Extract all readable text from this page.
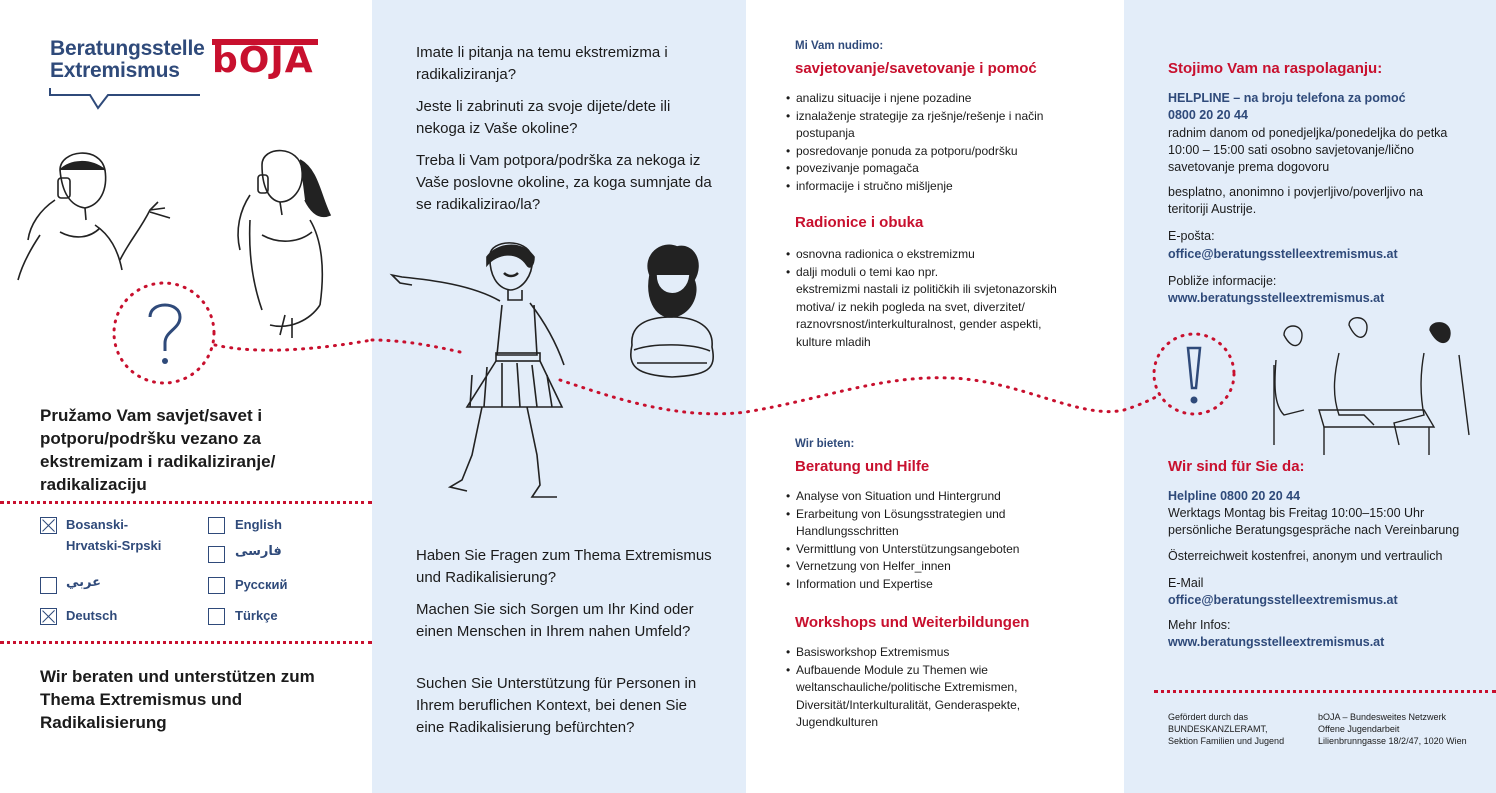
Beratungsstelle
Extremismus bOJA
Pružamo Vam savjet/savet i potporu/podršku vezano za ekstremizam i radikaliziranje/ radikalizaciju
Bosanski-
Hrvatski-Srpski
English
فارسی
عربي	Русский
Deutsch	Türkçe
Wir beraten und unterstützen zum Thema Extremismus und Radikalisierung
Imate li pitanja na temu ekstremizma i radikaliziranja?
Jeste li zabrinuti za svoje dijete/dete ili nekoga iz Vaše okoline?
Treba li Vam potpora/podrška za nekoga iz Vaše poslovne okoline, za koga sumnjate da se radikalizirao/la?
Haben Sie Fragen zum Thema Extremismus und Radikalisierung?
Machen Sie sich Sorgen um Ihr Kind oder einen Menschen in Ihrem nahen Umfeld?
Suchen Sie Unterstützung für Personen in Ihrem beruflichen Kontext, bei denen Sie eine Radikalisierung befürchten?
Mi Vam nudimo:
savjetovanje/savetovanje i pomoć
• analizu situacije i njene pozadine
• iznalaženje strategije za rješnje/rešenje i način
postupanja
• posredovanje ponuda za potporu/podršku
• povezivanje pomagača
• informacije i stručno mišljenje
Radionice i obuka
• osnovna radionica o ekstremizmu
• dalji moduli o temi kao npr.
ekstremizmi nastali iz političkih ili svjetonazorskih
motiva/ iz nekih pogleda na svet, diverzitet/
raznovrsnost/interkulturalnost, gender aspekti,
kulture mladih
Wir bieten:
Beratung und Hilfe
• Analyse von Situation und Hintergrund
• Erarbeitung von Lösungsstrategien und
Handlungsschritten
• Vermittlung von Unterstützungsangeboten
• Vernetzung von Helfer_innen
• Information und Expertise
Workshops und Weiterbildungen
• Basisworkshop Extremismus
• Aufbauende Module zu Themen wie
weltanschauliche/politische Extremismen,
Diversität/Interkulturalität, Genderaspekte,
Jugendkulturen
Stojimo Vam na raspolaganju:
HELPLINE – na broju telefona za pomoć
0800 20 20 44
radnim danom od ponedjeljka/ponedeljka do petka
10:00 – 15:00 sati osobno savjetovanje/lično
savetovanje prema dogovoru
besplatno, anonimno i povjerljivo/poverljivo na
teritoriji Austrije.
E-pošta:
office@beratungsstelleextremismus.at
Pobliže informacije:
www.beratungsstelleextremismus.at
Wir sind für Sie da:
Helpline 0800 20 20 44
Werktags Montag bis Freitag 10:00–15:00 Uhr
persönliche Beratungsgespräche nach Vereinbarung
Österreichweit kostenfrei, anonym und vertraulich
E-Mail
office@beratungsstelleextremismus.at
Mehr Infos:
www.beratungsstelleextremismus.at
Gefördert durch das
BUNDESKANZLERAMT,
Sektion Familien und Jugend
bOJA – Bundesweites Netzwerk
Offene Jugendarbeit
Lilienbrunngasse 18/2/47, 1020 Wien
